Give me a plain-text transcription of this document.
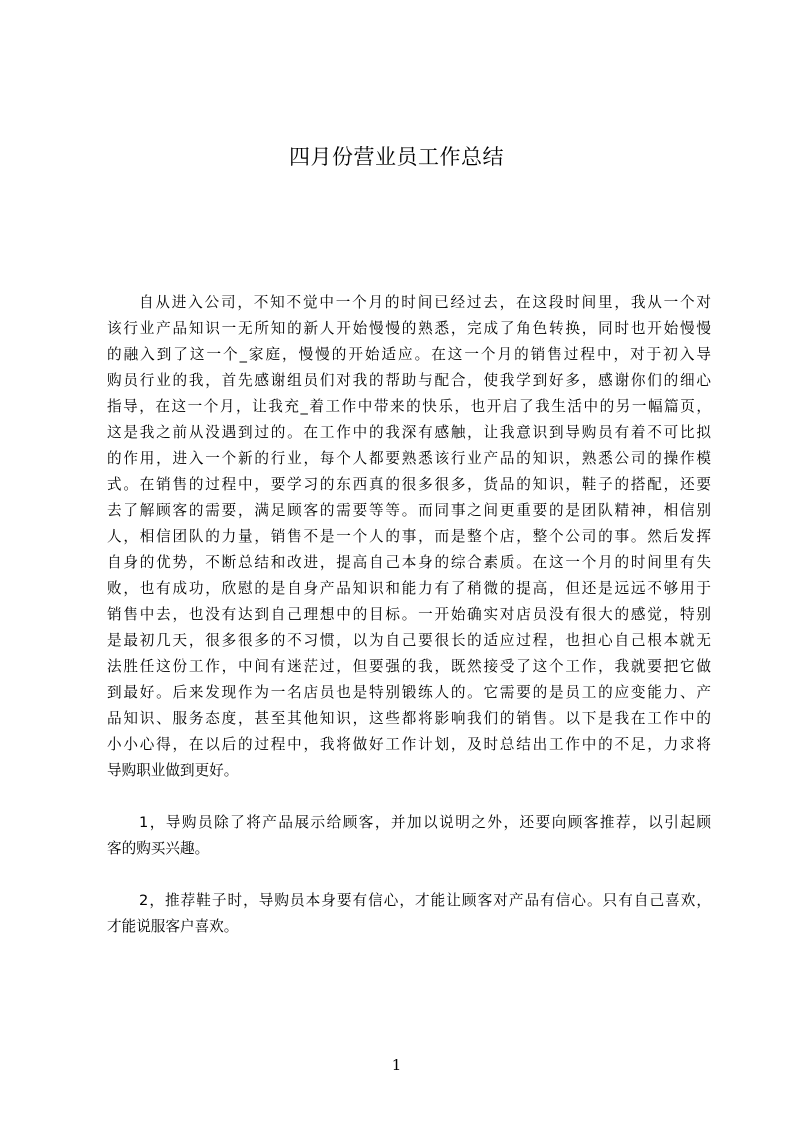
四月份营业员工作总结
自从进入公司，不知不觉中一个月的时间已经过去，在这段时间里，我从一个对
该行业产品知识一无所知的新人开始慢慢的熟悉，完成了角色转换，同时也开始慢慢
的融入到了这一个_家庭，慢慢的开始适应。在这一个月的销售过程中，对于初入导
购员行业的我，首先感谢组员们对我的帮助与配合，使我学到好多，感谢你们的细心
指导，在这一个月，让我充_着工作中带来的快乐，也开启了我生活中的另一幅篇页，
这是我之前从没遇到过的。在工作中的我深有感触，让我意识到导购员有着不可比拟
的作用，进入一个新的行业，每个人都要熟悉该行业产品的知识，熟悉公司的操作模
式。在销售的过程中，要学习的东西真的很多很多，货品的知识，鞋子的搭配，还要
去了解顾客的需要，满足顾客的需要等等。而同事之间更重要的是团队精神，相信别
人，相信团队的力量，销售不是一个人的事，而是整个店，整个公司的事。然后发挥
自身的优势，不断总结和改进，提高自己本身的综合素质。在这一个月的时间里有失
败，也有成功，欣慰的是自身产品知识和能力有了稍微的提高，但还是远远不够用于
销售中去，也没有达到自己理想中的目标。一开始确实对店员没有很大的感觉，特别
是最初几天，很多很多的不习惯，以为自己要很长的适应过程，也担心自己根本就无
法胜任这份工作，中间有迷茫过，但要强的我，既然接受了这个工作，我就要把它做
到最好。后来发现作为一名店员也是特别锻练人的。它需要的是员工的应变能力、产
品知识、服务态度，甚至其他知识，这些都将影响我们的销售。以下是我在工作中的
小小心得，在以后的过程中，我将做好工作计划，及时总结出工作中的不足，力求将
导购职业做到更好。
1，导购员除了将产品展示给顾客，并加以说明之外，还要向顾客推荐，以引起顾
客的购买兴趣。
2，推荐鞋子时，导购员本身要有信心，才能让顾客对产品有信心。只有自己喜欢，
才能说服客户喜欢。
1
